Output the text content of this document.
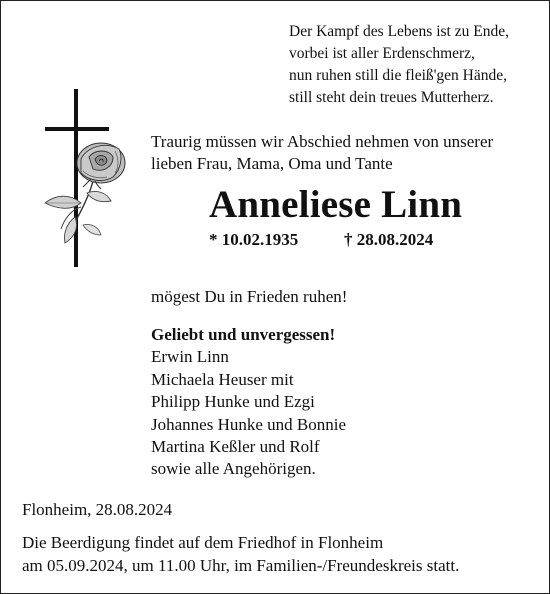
Der Kampf des Lebens ist zu Ende,
vorbei ist aller Erdenschmerz,
nun ruhen still die fleiß'gen Hände,
still steht dein treues Mutterherz.
Traurig müssen wir Abschied nehmen von unserer
lieben Frau, Mama, Oma und Tante
Anneliese Linn
* 10.02.1935	† 28.08.2024
mögest Du in Frieden ruhen!
Geliebt und unvergessen!
Erwin Linn
Michaela Heuser mit
Philipp Hunke und Ezgi
Johannes Hunke und Bonnie
Martina Keßler und Rolf
sowie alle Angehörigen.
Flonheim, 28.08.2024
Die Beerdigung findet auf dem Friedhof in Flonheim
am 05.09.2024, um 11.00 Uhr, im Familien-/Freundeskreis statt.
